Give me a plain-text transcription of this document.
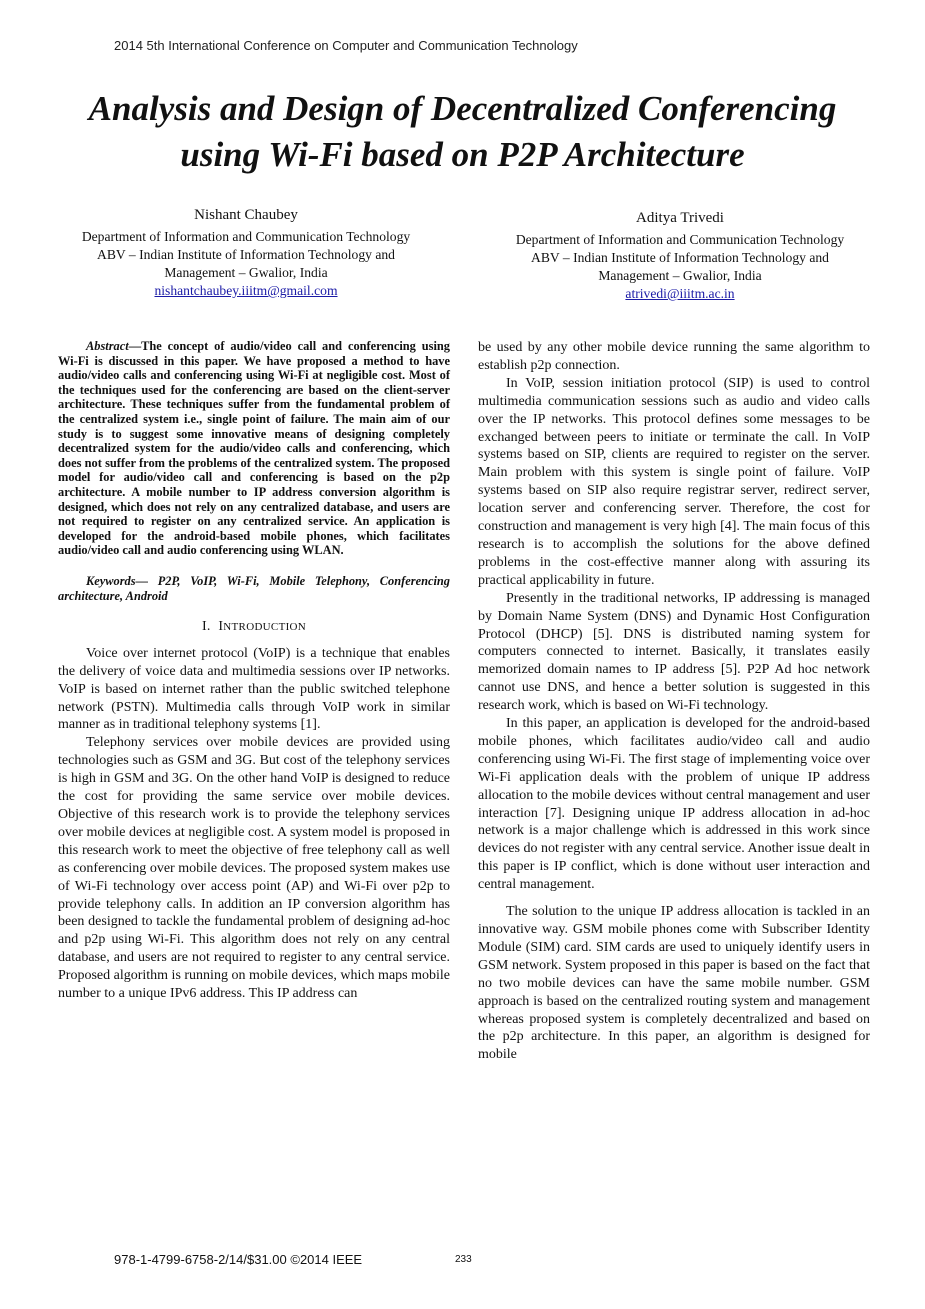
2014 5th International Conference on Computer and Communication Technology
Analysis and Design of Decentralized Conferencing
using Wi-Fi based on P2P Architecture
Nishant Chaubey
Department of Information and Communication Technology
ABV – Indian Institute of Information Technology and
Management – Gwalior, India
nishantchaubey.iiitm@gmail.com
Aditya Trivedi
Department of Information and Communication Technology
ABV – Indian Institute of Information Technology and
Management – Gwalior, India
atrivedi@iiitm.ac.in

Abstract—The concept of audio/video call and conferencing using Wi-Fi is discussed in this paper. We have proposed a method to have audio/video calls and conferencing using Wi-Fi at negligible cost. Most of the techniques used for the conferencing are based on the client-server architecture. These techniques suffer from the fundamental problem of the centralized system i.e., single point of failure. The main aim of our study is to suggest some innovative means of designing completely decentralized system for the audio/video calls and conferencing, which does not suffer from the problems of the centralized system. The proposed model for audio/video call and conferencing is based on the p2p architecture. A mobile number to IP address conversion algorithm is designed, which does not rely on any centralized database, and users are not required to register on any centralized service. An application is developed for the android-based mobile phones, which facilitates audio/video call and audio conferencing using WLAN.

Keywords— P2P, VoIP, Wi-Fi, Mobile Telephony, Conferencing architecture, Android

I. INTRODUCTION

Voice over internet protocol (VoIP) is a technique that enables the delivery of voice data and multimedia sessions over IP networks. VoIP is based on internet rather than the public switched telephone network (PSTN). Multimedia calls through VoIP work in similar manner as in traditional telephony systems [1].

Telephony services over mobile devices are provided using technologies such as GSM and 3G. But cost of the telephony services is high in GSM and 3G. On the other hand VoIP is designed to reduce the cost for providing the same service over mobile devices. Objective of this research work is to provide the telephony services over mobile devices at negligible cost. A system model is proposed in this research work to meet the objective of free telephony call as well as conferencing over mobile devices. The proposed system makes use of Wi-Fi technology over access point (AP) and Wi-Fi over p2p to provide telephony calls. In addition an IP conversion algorithm has been designed to tackle the fundamental problem of designing ad-hoc and p2p using Wi-Fi. This algorithm does not rely on any central database, and users are not required to register to any central service. Proposed algorithm is running on mobile devices, which maps mobile number to a unique IPv6 address. This IP address can

be used by any other mobile device running the same algorithm to establish p2p connection.

In VoIP, session initiation protocol (SIP) is used to control multimedia communication sessions such as audio and video calls over the IP networks. This protocol defines some messages to be exchanged between peers to initiate or terminate the call. In VoIP systems based on SIP, clients are required to register on the server. Main problem with this system is single point of failure. VoIP systems based on SIP also require registrar server, redirect server, location server and conferencing server. Therefore, the cost for construction and management is very high [4]. The main focus of this research is to accomplish the solutions for the above defined problems in the cost-effective manner along with assuring its practical applicability in future.

Presently in the traditional networks, IP addressing is managed by Domain Name System (DNS) and Dynamic Host Configuration Protocol (DHCP) [5]. DNS is distributed naming system for computers connected to internet. Basically, it translates easily memorized domain names to IP address [5]. P2P Ad hoc network cannot use DNS, and hence a better solution is suggested in this research work, which is based on Wi-Fi technology.

In this paper, an application is developed for the android-based mobile phones, which facilitates audio/video call and audio conferencing using Wi-Fi. The first stage of implementing voice over Wi-Fi application deals with the problem of unique IP address allocation to the mobile devices without central management and user interaction [7]. Designing unique IP address allocation in ad-hoc network is a major challenge which is addressed in this work since devices do not register with any central service. Another issue dealt in this paper is IP conflict, which is done without user interaction and central management.

The solution to the unique IP address allocation is tackled in an innovative way. GSM mobile phones come with Subscriber Identity Module (SIM) card. SIM cards are used to uniquely identify users in GSM network. System proposed in this paper is based on the fact that no two mobile devices can have the same mobile number. GSM approach is based on the centralized routing system and management whereas proposed system is completely decentralized and based on the p2p architecture. In this paper, an algorithm is designed for mobile

978-1-4799-6758-2/14/$31.00 ©2014 IEEE	233
